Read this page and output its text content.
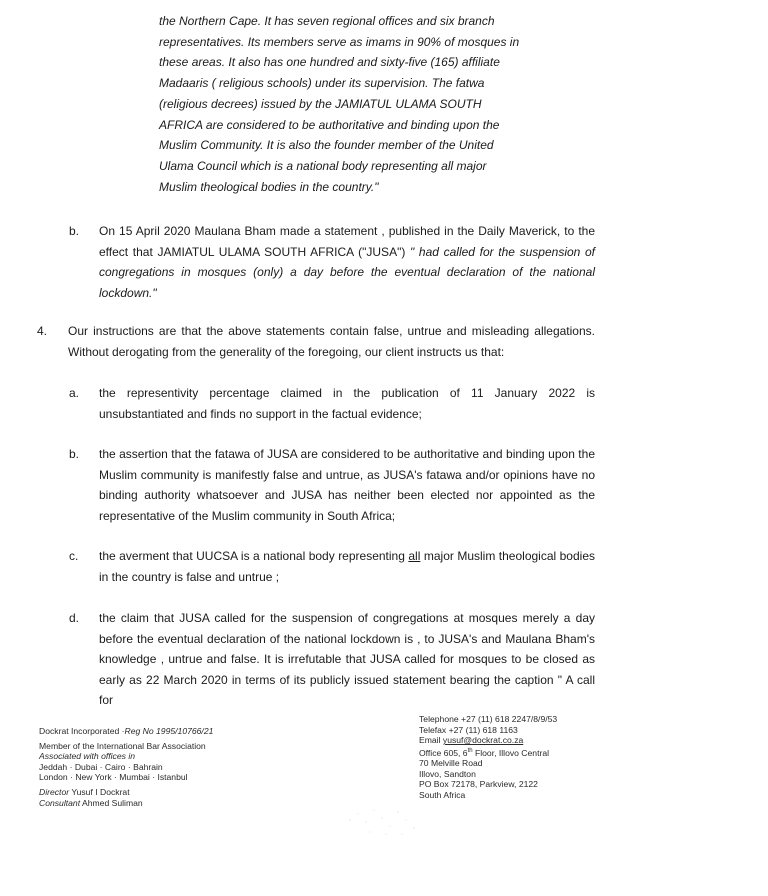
the Northern Cape. It has seven regional offices and six branch
representatives. Its members serve as imams in 90% of mosques in
these areas. It also has one hundred and sixty-five (165) affiliate
Madaaris ( religious schools) under its supervision. The fatwa
(religious decrees) issued by the JAMIATUL ULAMA SOUTH
AFRICA are considered to be authoritative and binding upon the
Muslim Community. It is also the founder member of the United
Ulama Council which is a national body representing all major
Muslim theological bodies in the country."
b. On 15 April 2020 Maulana Bham made a statement , published in the Daily Maverick, to the effect that JAMIATUL ULAMA SOUTH AFRICA ("JUSA") " had called for the suspension of congregations in mosques (only) a day before the eventual declaration of the national lockdown."
4. Our instructions are that the above statements contain false, untrue and misleading allegations. Without derogating from the generality of the foregoing, our client instructs us that:
a. the representivity percentage claimed in the publication of 11 January 2022 is unsubstantiated and finds no support in the factual evidence;
b. the assertion that the fatawa of JUSA are considered to be authoritative and binding upon the Muslim community is manifestly false and untrue, as JUSA's fatawa and/or opinions have no binding authority whatsoever and JUSA has neither been elected nor appointed as the representative of the Muslim community in South Africa;
c. the averment that UUCSA is a national body representing all major Muslim theological bodies in the country is false and untrue ;
d. the claim that JUSA called for the suspension of congregations at mosques merely a day before the eventual declaration of the national lockdown is , to JUSA's and Maulana Bham's knowledge , untrue and false. It is irrefutable that JUSA called for mosques to be closed as early as 22 March 2020 in terms of its publicly issued statement bearing the caption " A call for
Dockrat Incorporated ·Reg No 1995/10766/21
Member of the International Bar Association
Associated with offices in
Jeddah · Dubai · Cairo · Bahrain
London · New York · Mumbai · Istanbul
Director Yusuf I Dockrat
Consultant Ahmed Suliman
Telephone +27 (11) 618 2247/8/9/53
Telefax +27 (11) 618 1163
Email yusuf@dockrat.co.za
Office 605, 6th Floor, Illovo Central
70 Melville Road
Illovo, Sandton
PO Box 72178, Parkview, 2122
South Africa
